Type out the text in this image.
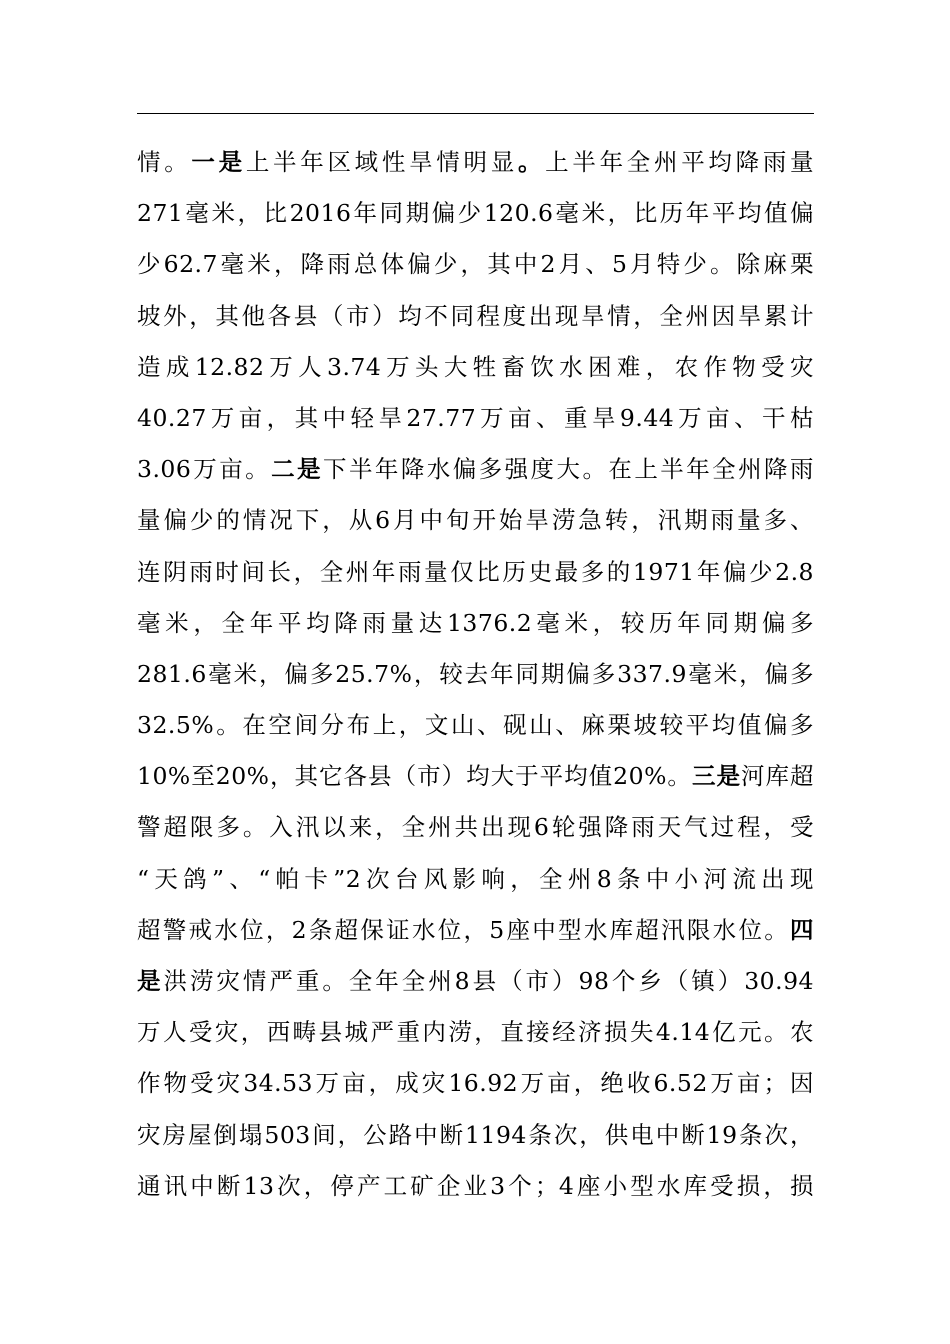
情。一是上半年区域性旱情明显。上半年全州平均降雨量
271毫米，比2016年同期偏少120.6毫米，比历年平均值偏
少62.7毫米，降雨总体偏少，其中2月、5月特少。除麻栗
坡外，其他各县（市）均不同程度出现旱情，全州因旱累计
造成12.82万人3.74万头大牲畜饮水困难，农作物受灾
40.27万亩，其中轻旱27.77万亩、重旱9.44万亩、干枯
3.06万亩。二是下半年降水偏多强度大。在上半年全州降雨
量偏少的情况下，从6月中旬开始旱涝急转，汛期雨量多、
连阴雨时间长，全州年雨量仅比历史最多的1971年偏少2.8
毫米，全年平均降雨量达1376.2毫米，较历年同期偏多
281.6毫米，偏多25.7%，较去年同期偏多337.9毫米，偏多
32.5%。在空间分布上，文山、砚山、麻栗坡较平均值偏多
10%至20%，其它各县（市）均大于平均值20%。三是河库超
警超限多。入汛以来，全州共出现6轮强降雨天气过程，受
“天鸽”、“帕卡”2次台风影响，全州8条中小河流出现
超警戒水位，2条超保证水位，5座中型水库超汛限水位。四
是洪涝灾情严重。全年全州8县（市）98个乡（镇）30.94
万人受灾，西畴县城严重内涝，直接经济损失4.14亿元。农
作物受灾34.53万亩，成灾16.92万亩，绝收6.52万亩；因
灾房屋倒塌503间，公路中断1194条次，供电中断19条次，
通讯中断13次，停产工矿企业3个；4座小型水库受损，损
